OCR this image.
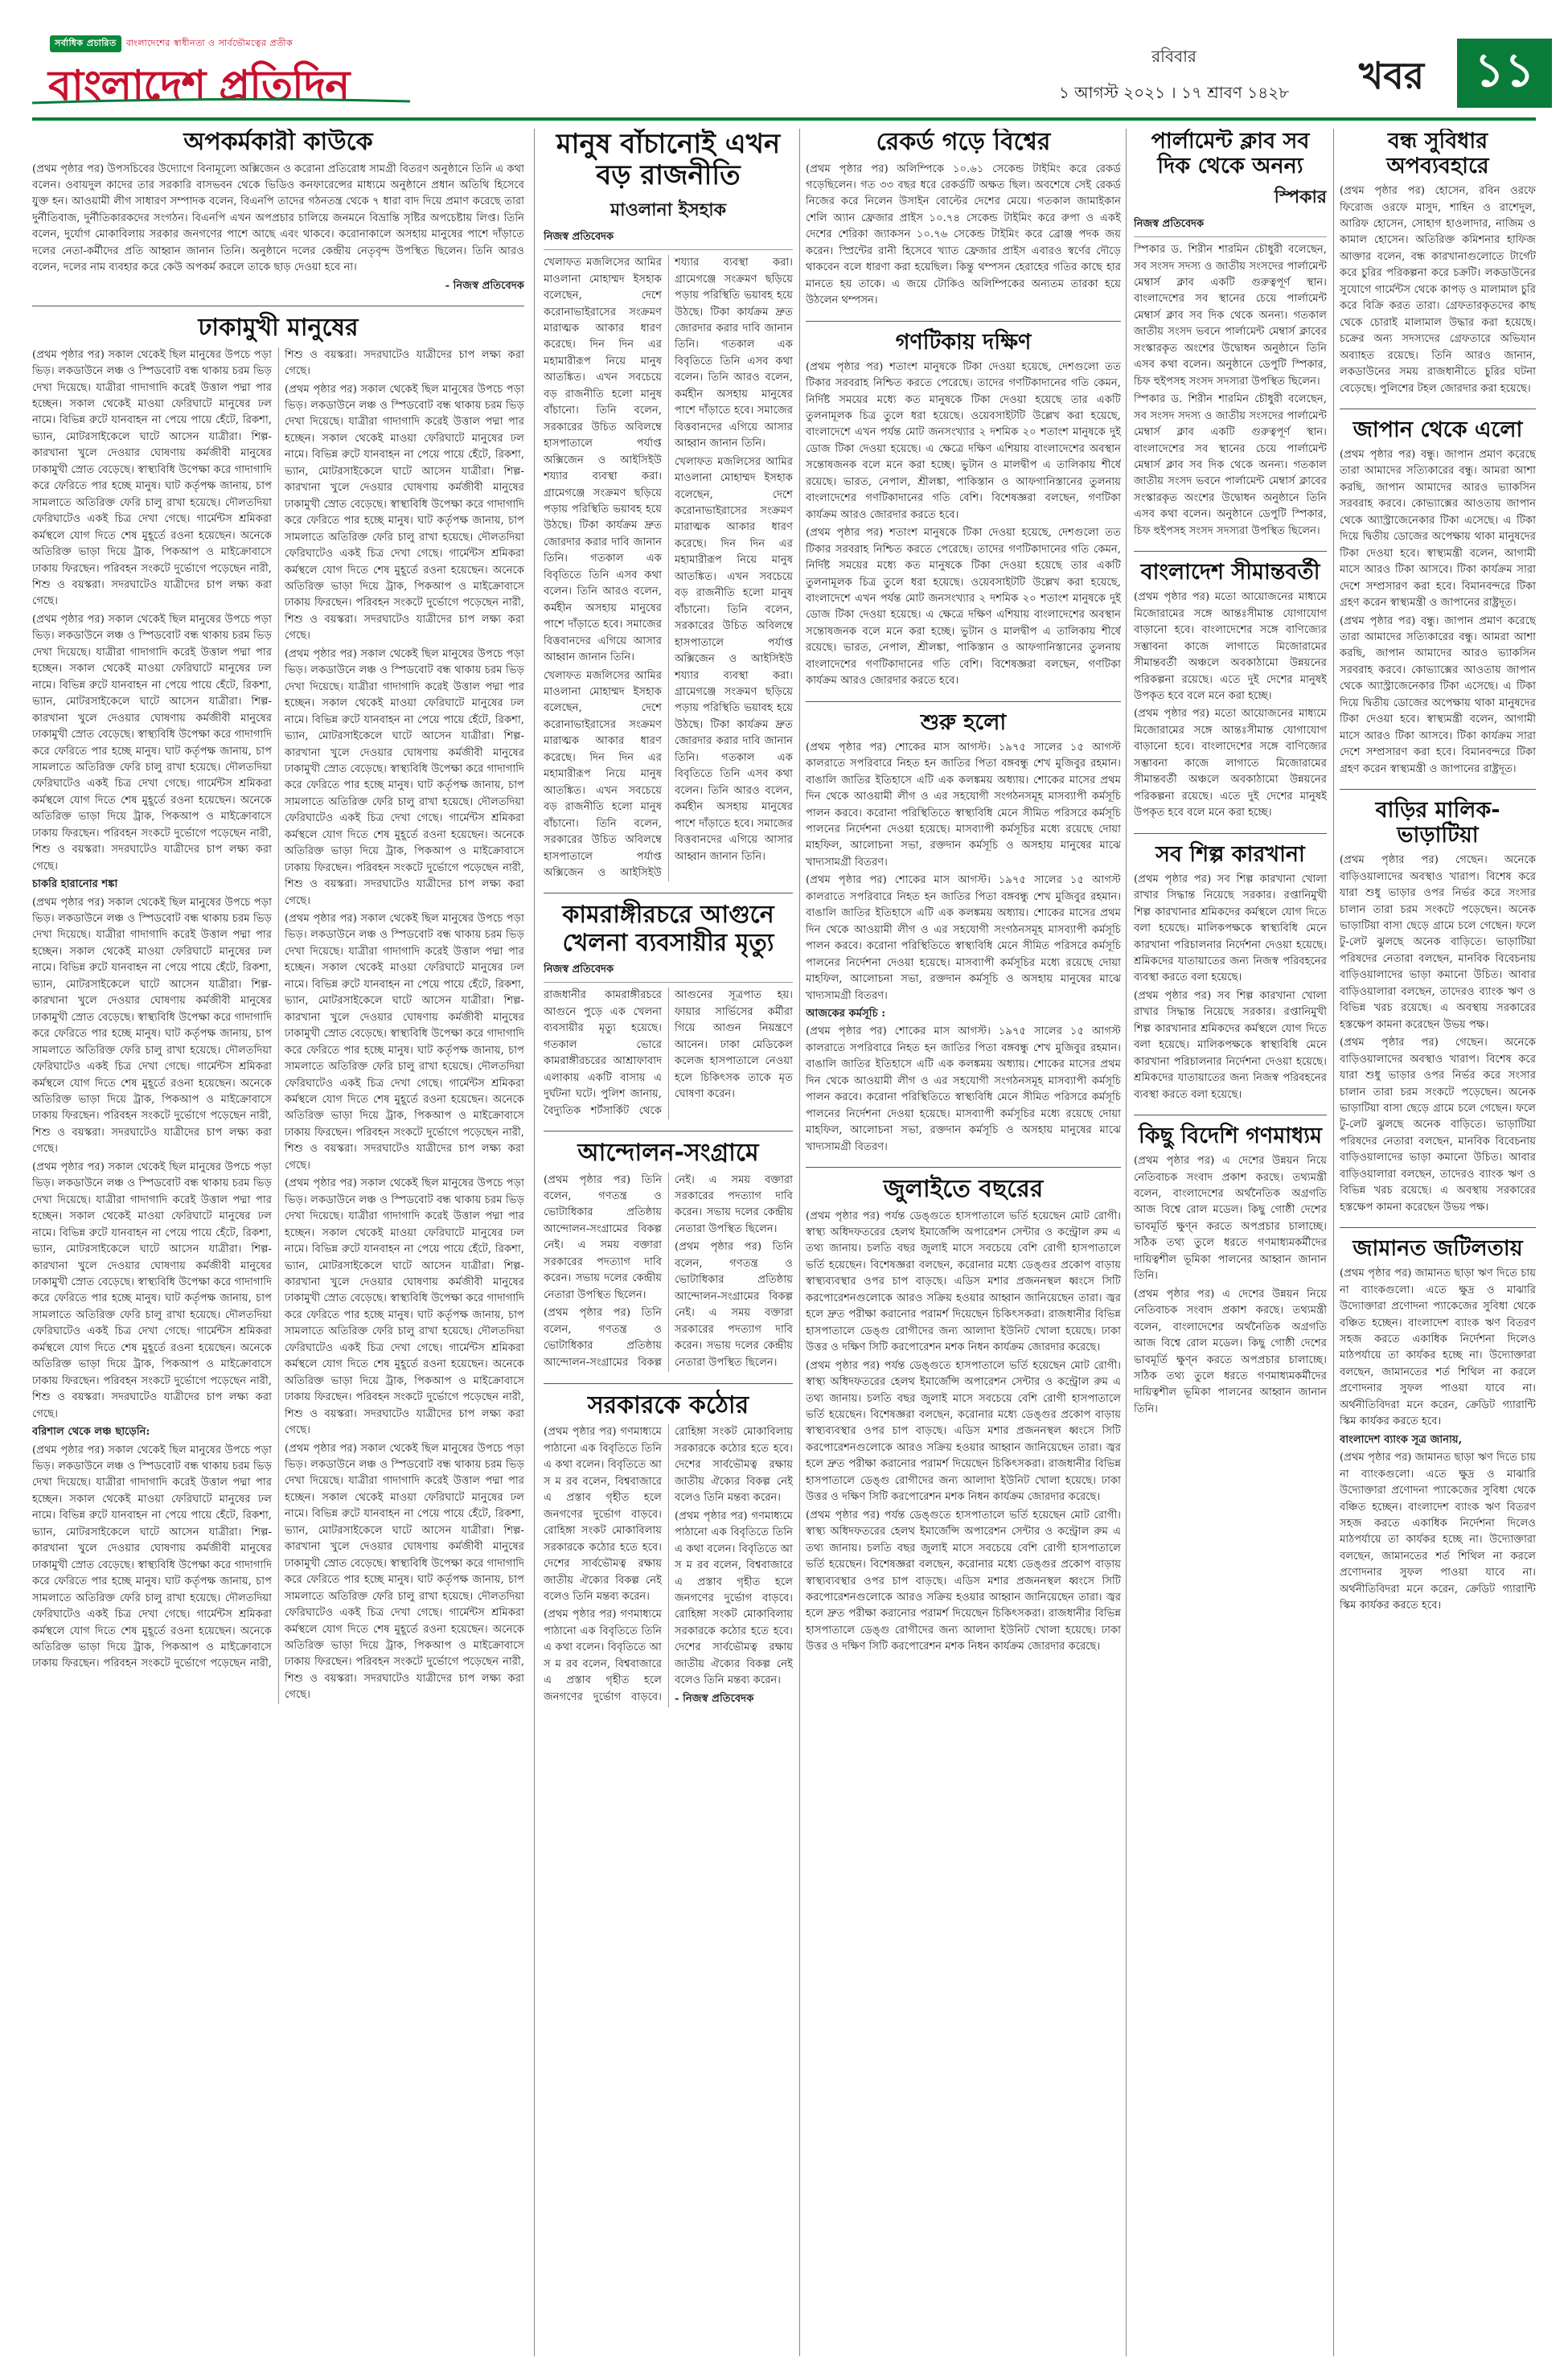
সর্বাধিক প্রচারিত বাংলাদেশের স্বাধীনতা ও সার্বভৌমত্বের প্রতীক
বাংলাদেশ প্রতিদিন
রবিবার
১ আগস্ট ২০২১ । ১৭ শ্রাবণ ১৪২৮	খবর	১১
অপকর্মকারী কাউকে

(প্রথম পৃষ্ঠার পর) উপসচিবের উদ্যোগে বিনামূল্যে অক্সিজেন ও করোনা প্রতিরোধ সামগ্রী বিতরণ অনুষ্ঠানে তিনি এ কথা বলেন। ওবায়দুল কাদের তার সরকারি বাসভবন থেকে ভিডিও কনফারেন্সের মাধ্যমে অনুষ্ঠানে প্রধান অতিথি হিসেবে যুক্ত হন। আওয়ামী লীগ সাধারণ সম্পাদক বলেন, বিএনপি তাদের গঠনতন্ত্র থেকে ৭ ধারা বাদ দিয়ে প্রমাণ করেছে তারা দুর্নীতিবাজ, দুর্নীতিকারকদের সংগঠন। বিএনপি এখন অপপ্রচার চালিয়ে জনমনে বিভ্রান্তি সৃষ্টির অপচেষ্টায় লিপ্ত। তিনি বলেন, দুর্যোগ মোকাবিলায় সরকার জনগণের পাশে আছে এবং থাকবে। করোনাকালে অসহায় মানুষের পাশে দাঁড়াতে দলের নেতা-কর্মীদের প্রতি আহ্বান জানান তিনি। অনুষ্ঠানে দলের কেন্দ্রীয় নেতৃবৃন্দ উপস্থিত ছিলেন। তিনি আরও বলেন, দলের নাম ব্যবহার করে কেউ অপকর্ম করলে তাকে ছাড় দেওয়া হবে না।

- নিজস্ব প্রতিবেদক

ঢাকামুখী মানুষের

(প্রথম পৃষ্ঠার পর) সকাল থেকেই ছিল মানুষের উপচে পড়া ভিড়। লকডাউনে লঞ্চ ও স্পিডবোট বন্ধ থাকায় চরম ভিড় দেখা দিয়েছে। যাত্রীরা গাদাগাদি করেই উত্তাল পদ্মা পার হচ্ছেন। সকাল থেকেই মাওয়া ফেরিঘাটে মানুষের ঢল নামে। বিভিন্ন রুটে যানবাহন না পেয়ে পায়ে হেঁটে, রিকশা, ভ্যান, মোটরসাইকেলে ঘাটে আসেন যাত্রীরা। শিল্প-কারখানা খুলে দেওয়ার ঘোষণায় কর্মজীবী মানুষের ঢাকামুখী স্রোত বেড়েছে। স্বাস্থ্যবিধি উপেক্ষা করে গাদাগাদি করে ফেরিতে পার হচ্ছে মানুষ। ঘাট কর্তৃপক্ষ জানায়, চাপ সামলাতে অতিরিক্ত ফেরি চালু রাখা হয়েছে। দৌলতদিয়া ফেরিঘাটেও একই চিত্র দেখা গেছে। গার্মেন্টস শ্রমিকরা কর্মস্থলে যোগ দিতে শেষ মুহূর্তে রওনা হয়েছেন। অনেকে অতিরিক্ত ভাড়া দিয়ে ট্রাক, পিকআপ ও মাইক্রোবাসে ঢাকায় ফিরছেন। পরিবহন সংকটে দুর্ভোগে পড়েছেন নারী, শিশু ও বয়স্করা। সদরঘাটেও যাত্রীদের চাপ লক্ষ্য করা গেছে।

(প্রথম পৃষ্ঠার পর) সকাল থেকেই ছিল মানুষের উপচে পড়া ভিড়। লকডাউনে লঞ্চ ও স্পিডবোট বন্ধ থাকায় চরম ভিড় দেখা দিয়েছে। যাত্রীরা গাদাগাদি করেই উত্তাল পদ্মা পার হচ্ছেন। সকাল থেকেই মাওয়া ফেরিঘাটে মানুষের ঢল নামে। বিভিন্ন রুটে যানবাহন না পেয়ে পায়ে হেঁটে, রিকশা, ভ্যান, মোটরসাইকেলে ঘাটে আসেন যাত্রীরা। শিল্প-কারখানা খুলে দেওয়ার ঘোষণায় কর্মজীবী মানুষের ঢাকামুখী স্রোত বেড়েছে। স্বাস্থ্যবিধি উপেক্ষা করে গাদাগাদি করে ফেরিতে পার হচ্ছে মানুষ। ঘাট কর্তৃপক্ষ জানায়, চাপ সামলাতে অতিরিক্ত ফেরি চালু রাখা হয়েছে। দৌলতদিয়া ফেরিঘাটেও একই চিত্র দেখা গেছে। গার্মেন্টস শ্রমিকরা কর্মস্থলে যোগ দিতে শেষ মুহূর্তে রওনা হয়েছেন। অনেকে অতিরিক্ত ভাড়া দিয়ে ট্রাক, পিকআপ ও মাইক্রোবাসে ঢাকায় ফিরছেন। পরিবহন সংকটে দুর্ভোগে পড়েছেন নারী, শিশু ও বয়স্করা। সদরঘাটেও যাত্রীদের চাপ লক্ষ্য করা গেছে।

চাকরি হারানোর শঙ্কা

(প্রথম পৃষ্ঠার পর) সকাল থেকেই ছিল মানুষের উপচে পড়া ভিড়। লকডাউনে লঞ্চ ও স্পিডবোট বন্ধ থাকায় চরম ভিড় দেখা দিয়েছে। যাত্রীরা গাদাগাদি করেই উত্তাল পদ্মা পার হচ্ছেন। সকাল থেকেই মাওয়া ফেরিঘাটে মানুষের ঢল নামে। বিভিন্ন রুটে যানবাহন না পেয়ে পায়ে হেঁটে, রিকশা, ভ্যান, মোটরসাইকেলে ঘাটে আসেন যাত্রীরা। শিল্প-কারখানা খুলে দেওয়ার ঘোষণায় কর্মজীবী মানুষের ঢাকামুখী স্রোত বেড়েছে। স্বাস্থ্যবিধি উপেক্ষা করে গাদাগাদি করে ফেরিতে পার হচ্ছে মানুষ। ঘাট কর্তৃপক্ষ জানায়, চাপ সামলাতে অতিরিক্ত ফেরি চালু রাখা হয়েছে। দৌলতদিয়া ফেরিঘাটেও একই চিত্র দেখা গেছে। গার্মেন্টস শ্রমিকরা কর্মস্থলে যোগ দিতে শেষ মুহূর্তে রওনা হয়েছেন। অনেকে অতিরিক্ত ভাড়া দিয়ে ট্রাক, পিকআপ ও মাইক্রোবাসে ঢাকায় ফিরছেন। পরিবহন সংকটে দুর্ভোগে পড়েছেন নারী, শিশু ও বয়স্করা। সদরঘাটেও যাত্রীদের চাপ লক্ষ্য করা গেছে।

(প্রথম পৃষ্ঠার পর) সকাল থেকেই ছিল মানুষের উপচে পড়া ভিড়। লকডাউনে লঞ্চ ও স্পিডবোট বন্ধ থাকায় চরম ভিড় দেখা দিয়েছে। যাত্রীরা গাদাগাদি করেই উত্তাল পদ্মা পার হচ্ছেন। সকাল থেকেই মাওয়া ফেরিঘাটে মানুষের ঢল নামে। বিভিন্ন রুটে যানবাহন না পেয়ে পায়ে হেঁটে, রিকশা, ভ্যান, মোটরসাইকেলে ঘাটে আসেন যাত্রীরা। শিল্প-কারখানা খুলে দেওয়ার ঘোষণায় কর্মজীবী মানুষের ঢাকামুখী স্রোত বেড়েছে। স্বাস্থ্যবিধি উপেক্ষা করে গাদাগাদি করে ফেরিতে পার হচ্ছে মানুষ। ঘাট কর্তৃপক্ষ জানায়, চাপ সামলাতে অতিরিক্ত ফেরি চালু রাখা হয়েছে। দৌলতদিয়া ফেরিঘাটেও একই চিত্র দেখা গেছে। গার্মেন্টস শ্রমিকরা কর্মস্থলে যোগ দিতে শেষ মুহূর্তে রওনা হয়েছেন। অনেকে অতিরিক্ত ভাড়া দিয়ে ট্রাক, পিকআপ ও মাইক্রোবাসে ঢাকায় ফিরছেন। পরিবহন সংকটে দুর্ভোগে পড়েছেন নারী, শিশু ও বয়স্করা। সদরঘাটেও যাত্রীদের চাপ লক্ষ্য করা গেছে।

বরিশাল থেকে লঞ্চ ছাড়েনি:

(প্রথম পৃষ্ঠার পর) সকাল থেকেই ছিল মানুষের উপচে পড়া ভিড়। লকডাউনে লঞ্চ ও স্পিডবোট বন্ধ থাকায় চরম ভিড় দেখা দিয়েছে। যাত্রীরা গাদাগাদি করেই উত্তাল পদ্মা পার হচ্ছেন। সকাল থেকেই মাওয়া ফেরিঘাটে মানুষের ঢল নামে। বিভিন্ন রুটে যানবাহন না পেয়ে পায়ে হেঁটে, রিকশা, ভ্যান, মোটরসাইকেলে ঘাটে আসেন যাত্রীরা। শিল্প-কারখানা খুলে দেওয়ার ঘোষণায় কর্মজীবী মানুষের ঢাকামুখী স্রোত বেড়েছে। স্বাস্থ্যবিধি উপেক্ষা করে গাদাগাদি করে ফেরিতে পার হচ্ছে মানুষ। ঘাট কর্তৃপক্ষ জানায়, চাপ সামলাতে অতিরিক্ত ফেরি চালু রাখা হয়েছে। দৌলতদিয়া ফেরিঘাটেও একই চিত্র দেখা গেছে। গার্মেন্টস শ্রমিকরা কর্মস্থলে যোগ দিতে শেষ মুহূর্তে রওনা হয়েছেন। অনেকে অতিরিক্ত ভাড়া দিয়ে ট্রাক, পিকআপ ও মাইক্রোবাসে ঢাকায় ফিরছেন। পরিবহন সংকটে দুর্ভোগে পড়েছেন নারী, শিশু ও বয়স্করা। সদরঘাটেও যাত্রীদের চাপ লক্ষ্য করা গেছে।

(প্রথম পৃষ্ঠার পর) সকাল থেকেই ছিল মানুষের উপচে পড়া ভিড়। লকডাউনে লঞ্চ ও স্পিডবোট বন্ধ থাকায় চরম ভিড় দেখা দিয়েছে। যাত্রীরা গাদাগাদি করেই উত্তাল পদ্মা পার হচ্ছেন। সকাল থেকেই মাওয়া ফেরিঘাটে মানুষের ঢল নামে। বিভিন্ন রুটে যানবাহন না পেয়ে পায়ে হেঁটে, রিকশা, ভ্যান, মোটরসাইকেলে ঘাটে আসেন যাত্রীরা। শিল্প-কারখানা খুলে দেওয়ার ঘোষণায় কর্মজীবী মানুষের ঢাকামুখী স্রোত বেড়েছে। স্বাস্থ্যবিধি উপেক্ষা করে গাদাগাদি করে ফেরিতে পার হচ্ছে মানুষ। ঘাট কর্তৃপক্ষ জানায়, চাপ সামলাতে অতিরিক্ত ফেরি চালু রাখা হয়েছে। দৌলতদিয়া ফেরিঘাটেও একই চিত্র দেখা গেছে। গার্মেন্টস শ্রমিকরা কর্মস্থলে যোগ দিতে শেষ মুহূর্তে রওনা হয়েছেন। অনেকে অতিরিক্ত ভাড়া দিয়ে ট্রাক, পিকআপ ও মাইক্রোবাসে ঢাকায় ফিরছেন। পরিবহন সংকটে দুর্ভোগে পড়েছেন নারী, শিশু ও বয়স্করা। সদরঘাটেও যাত্রীদের চাপ লক্ষ্য করা গেছে।

(প্রথম পৃষ্ঠার পর) সকাল থেকেই ছিল মানুষের উপচে পড়া ভিড়। লকডাউনে লঞ্চ ও স্পিডবোট বন্ধ থাকায় চরম ভিড় দেখা দিয়েছে। যাত্রীরা গাদাগাদি করেই উত্তাল পদ্মা পার হচ্ছেন। সকাল থেকেই মাওয়া ফেরিঘাটে মানুষের ঢল নামে। বিভিন্ন রুটে যানবাহন না পেয়ে পায়ে হেঁটে, রিকশা, ভ্যান, মোটরসাইকেলে ঘাটে আসেন যাত্রীরা। শিল্প-কারখানা খুলে দেওয়ার ঘোষণায় কর্মজীবী মানুষের ঢাকামুখী স্রোত বেড়েছে। স্বাস্থ্যবিধি উপেক্ষা করে গাদাগাদি করে ফেরিতে পার হচ্ছে মানুষ। ঘাট কর্তৃপক্ষ জানায়, চাপ সামলাতে অতিরিক্ত ফেরি চালু রাখা হয়েছে। দৌলতদিয়া ফেরিঘাটেও একই চিত্র দেখা গেছে। গার্মেন্টস শ্রমিকরা কর্মস্থলে যোগ দিতে শেষ মুহূর্তে রওনা হয়েছেন। অনেকে অতিরিক্ত ভাড়া দিয়ে ট্রাক, পিকআপ ও মাইক্রোবাসে ঢাকায় ফিরছেন। পরিবহন সংকটে দুর্ভোগে পড়েছেন নারী, শিশু ও বয়স্করা। সদরঘাটেও যাত্রীদের চাপ লক্ষ্য করা গেছে।

(প্রথম পৃষ্ঠার পর) সকাল থেকেই ছিল মানুষের উপচে পড়া ভিড়। লকডাউনে লঞ্চ ও স্পিডবোট বন্ধ থাকায় চরম ভিড় দেখা দিয়েছে। যাত্রীরা গাদাগাদি করেই উত্তাল পদ্মা পার হচ্ছেন। সকাল থেকেই মাওয়া ফেরিঘাটে মানুষের ঢল নামে। বিভিন্ন রুটে যানবাহন না পেয়ে পায়ে হেঁটে, রিকশা, ভ্যান, মোটরসাইকেলে ঘাটে আসেন যাত্রীরা। শিল্প-কারখানা খুলে দেওয়ার ঘোষণায় কর্মজীবী মানুষের ঢাকামুখী স্রোত বেড়েছে। স্বাস্থ্যবিধি উপেক্ষা করে গাদাগাদি করে ফেরিতে পার হচ্ছে মানুষ। ঘাট কর্তৃপক্ষ জানায়, চাপ সামলাতে অতিরিক্ত ফেরি চালু রাখা হয়েছে। দৌলতদিয়া ফেরিঘাটেও একই চিত্র দেখা গেছে। গার্মেন্টস শ্রমিকরা কর্মস্থলে যোগ দিতে শেষ মুহূর্তে রওনা হয়েছেন। অনেকে অতিরিক্ত ভাড়া দিয়ে ট্রাক, পিকআপ ও মাইক্রোবাসে ঢাকায় ফিরছেন। পরিবহন সংকটে দুর্ভোগে পড়েছেন নারী, শিশু ও বয়স্করা। সদরঘাটেও যাত্রীদের চাপ লক্ষ্য করা গেছে।

(প্রথম পৃষ্ঠার পর) সকাল থেকেই ছিল মানুষের উপচে পড়া ভিড়। লকডাউনে লঞ্চ ও স্পিডবোট বন্ধ থাকায় চরম ভিড় দেখা দিয়েছে। যাত্রীরা গাদাগাদি করেই উত্তাল পদ্মা পার হচ্ছেন। সকাল থেকেই মাওয়া ফেরিঘাটে মানুষের ঢল নামে। বিভিন্ন রুটে যানবাহন না পেয়ে পায়ে হেঁটে, রিকশা, ভ্যান, মোটরসাইকেলে ঘাটে আসেন যাত্রীরা। শিল্প-কারখানা খুলে দেওয়ার ঘোষণায় কর্মজীবী মানুষের ঢাকামুখী স্রোত বেড়েছে। স্বাস্থ্যবিধি উপেক্ষা করে গাদাগাদি করে ফেরিতে পার হচ্ছে মানুষ। ঘাট কর্তৃপক্ষ জানায়, চাপ সামলাতে অতিরিক্ত ফেরি চালু রাখা হয়েছে। দৌলতদিয়া ফেরিঘাটেও একই চিত্র দেখা গেছে। গার্মেন্টস শ্রমিকরা কর্মস্থলে যোগ দিতে শেষ মুহূর্তে রওনা হয়েছেন। অনেকে অতিরিক্ত ভাড়া দিয়ে ট্রাক, পিকআপ ও মাইক্রোবাসে ঢাকায় ফিরছেন। পরিবহন সংকটে দুর্ভোগে পড়েছেন নারী, শিশু ও বয়স্করা। সদরঘাটেও যাত্রীদের চাপ লক্ষ্য করা গেছে।

(প্রথম পৃষ্ঠার পর) সকাল থেকেই ছিল মানুষের উপচে পড়া ভিড়। লকডাউনে লঞ্চ ও স্পিডবোট বন্ধ থাকায় চরম ভিড় দেখা দিয়েছে। যাত্রীরা গাদাগাদি করেই উত্তাল পদ্মা পার হচ্ছেন। সকাল থেকেই মাওয়া ফেরিঘাটে মানুষের ঢল নামে। বিভিন্ন রুটে যানবাহন না পেয়ে পায়ে হেঁটে, রিকশা, ভ্যান, মোটরসাইকেলে ঘাটে আসেন যাত্রীরা। শিল্প-কারখানা খুলে দেওয়ার ঘোষণায় কর্মজীবী মানুষের ঢাকামুখী স্রোত বেড়েছে। স্বাস্থ্যবিধি উপেক্ষা করে গাদাগাদি করে ফেরিতে পার হচ্ছে মানুষ। ঘাট কর্তৃপক্ষ জানায়, চাপ সামলাতে অতিরিক্ত ফেরি চালু রাখা হয়েছে। দৌলতদিয়া ফেরিঘাটেও একই চিত্র দেখা গেছে। গার্মেন্টস শ্রমিকরা কর্মস্থলে যোগ দিতে শেষ মুহূর্তে রওনা হয়েছেন। অনেকে অতিরিক্ত ভাড়া দিয়ে ট্রাক, পিকআপ ও মাইক্রোবাসে ঢাকায় ফিরছেন। পরিবহন সংকটে দুর্ভোগে পড়েছেন নারী, শিশু ও বয়স্করা। সদরঘাটেও যাত্রীদের চাপ লক্ষ্য করা গেছে।

মানুষ বাঁচানোই এখন বড় রাজনীতি
মাওলানা ইসহাক
নিজস্ব প্রতিবেদক

খেলাফত মজলিসের আমির মাওলানা মোহাম্মদ ইসহাক বলেছেন, দেশে করোনাভাইরাসের সংক্রমণ মারাত্মক আকার ধারণ করেছে। দিন দিন এর মহামারীরূপ নিয়ে মানুষ আতঙ্কিত। এখন সবচেয়ে বড় রাজনীতি হলো মানুষ বাঁচানো। তিনি বলেন, সরকারের উচিত অবিলম্বে হাসপাতালে পর্যাপ্ত অক্সিজেন ও আইসিইউ শয্যার ব্যবস্থা করা। গ্রামেগঞ্জে সংক্রমণ ছড়িয়ে পড়ায় পরিস্থিতি ভয়াবহ হয়ে উঠছে। টিকা কার্যক্রম দ্রুত জোরদার করার দাবি জানান তিনি। গতকাল এক বিবৃতিতে তিনি এসব কথা বলেন। তিনি আরও বলেন, কর্মহীন অসহায় মানুষের পাশে দাঁড়াতে হবে। সমাজের বিত্তবানদের এগিয়ে আসার আহ্বান জানান তিনি।

খেলাফত মজলিসের আমির মাওলানা মোহাম্মদ ইসহাক বলেছেন, দেশে করোনাভাইরাসের সংক্রমণ মারাত্মক আকার ধারণ করেছে। দিন দিন এর মহামারীরূপ নিয়ে মানুষ আতঙ্কিত। এখন সবচেয়ে বড় রাজনীতি হলো মানুষ বাঁচানো। তিনি বলেন, সরকারের উচিত অবিলম্বে হাসপাতালে পর্যাপ্ত অক্সিজেন ও আইসিইউ শয্যার ব্যবস্থা করা। গ্রামেগঞ্জে সংক্রমণ ছড়িয়ে পড়ায় পরিস্থিতি ভয়াবহ হয়ে উঠছে। টিকা কার্যক্রম দ্রুত জোরদার করার দাবি জানান তিনি। গতকাল এক বিবৃতিতে তিনি এসব কথা বলেন। তিনি আরও বলেন, কর্মহীন অসহায় মানুষের পাশে দাঁড়াতে হবে। সমাজের বিত্তবানদের এগিয়ে আসার আহ্বান জানান তিনি।

খেলাফত মজলিসের আমির মাওলানা মোহাম্মদ ইসহাক বলেছেন, দেশে করোনাভাইরাসের সংক্রমণ মারাত্মক আকার ধারণ করেছে। দিন দিন এর মহামারীরূপ নিয়ে মানুষ আতঙ্কিত। এখন সবচেয়ে বড় রাজনীতি হলো মানুষ বাঁচানো। তিনি বলেন, সরকারের উচিত অবিলম্বে হাসপাতালে পর্যাপ্ত অক্সিজেন ও আইসিইউ শয্যার ব্যবস্থা করা। গ্রামেগঞ্জে সংক্রমণ ছড়িয়ে পড়ায় পরিস্থিতি ভয়াবহ হয়ে উঠছে। টিকা কার্যক্রম দ্রুত জোরদার করার দাবি জানান তিনি। গতকাল এক বিবৃতিতে তিনি এসব কথা বলেন। তিনি আরও বলেন, কর্মহীন অসহায় মানুষের পাশে দাঁড়াতে হবে। সমাজের বিত্তবানদের এগিয়ে আসার আহ্বান জানান তিনি।

কামরাঙ্গীরচরে আগুনে খেলনা ব্যবসায়ীর মৃত্যু
নিজস্ব প্রতিবেদক

রাজধানীর কামরাঙ্গীরচরে আগুনে পুড়ে এক খেলনা ব্যবসায়ীর মৃত্যু হয়েছে। গতকাল ভোরে কামরাঙ্গীরচরের আশ্রাফাবাদ এলাকায় একটি বাসায় এ দুর্ঘটনা ঘটে। পুলিশ জানায়, বৈদ্যুতিক শর্টসার্কিট থেকে আগুনের সূত্রপাত হয়। ফায়ার সার্ভিসের কর্মীরা গিয়ে আগুন নিয়ন্ত্রণে আনেন। ঢাকা মেডিকেল কলেজ হাসপাতালে নেওয়া হলে চিকিৎসক তাকে মৃত ঘোষণা করেন।

আন্দোলন-সংগ্রামে

(প্রথম পৃষ্ঠার পর) তিনি বলেন, গণতন্ত্র ও ভোটাধিকার প্রতিষ্ঠায় আন্দোলন-সংগ্রামের বিকল্প নেই। এ সময় বক্তারা সরকারের পদত্যাগ দাবি করেন। সভায় দলের কেন্দ্রীয় নেতারা উপস্থিত ছিলেন।

(প্রথম পৃষ্ঠার পর) তিনি বলেন, গণতন্ত্র ও ভোটাধিকার প্রতিষ্ঠায় আন্দোলন-সংগ্রামের বিকল্প নেই। এ সময় বক্তারা সরকারের পদত্যাগ দাবি করেন। সভায় দলের কেন্দ্রীয় নেতারা উপস্থিত ছিলেন।

(প্রথম পৃষ্ঠার পর) তিনি বলেন, গণতন্ত্র ও ভোটাধিকার প্রতিষ্ঠায় আন্দোলন-সংগ্রামের বিকল্প নেই। এ সময় বক্তারা সরকারের পদত্যাগ দাবি করেন। সভায় দলের কেন্দ্রীয় নেতারা উপস্থিত ছিলেন।

সরকারকে কঠোর

(প্রথম পৃষ্ঠার পর) গণমাধ্যমে পাঠানো এক বিবৃতিতে তিনি এ কথা বলেন। বিবৃতিতে আ স ম রব বলেন, বিশ্ববাজারে এ প্রস্তাব গৃহীত হলে জনগণের দুর্ভোগ বাড়বে। রোহিঙ্গা সংকট মোকাবিলায় সরকারকে কঠোর হতে হবে। দেশের সার্বভৌমত্ব রক্ষায় জাতীয় ঐক্যের বিকল্প নেই বলেও তিনি মন্তব্য করেন।

(প্রথম পৃষ্ঠার পর) গণমাধ্যমে পাঠানো এক বিবৃতিতে তিনি এ কথা বলেন। বিবৃতিতে আ স ম রব বলেন, বিশ্ববাজারে এ প্রস্তাব গৃহীত হলে জনগণের দুর্ভোগ বাড়বে। রোহিঙ্গা সংকট মোকাবিলায় সরকারকে কঠোর হতে হবে। দেশের সার্বভৌমত্ব রক্ষায় জাতীয় ঐক্যের বিকল্প নেই বলেও তিনি মন্তব্য করেন।

(প্রথম পৃষ্ঠার পর) গণমাধ্যমে পাঠানো এক বিবৃতিতে তিনি এ কথা বলেন। বিবৃতিতে আ স ম রব বলেন, বিশ্ববাজারে এ প্রস্তাব গৃহীত হলে জনগণের দুর্ভোগ বাড়বে। রোহিঙ্গা সংকট মোকাবিলায় সরকারকে কঠোর হতে হবে। দেশের সার্বভৌমত্ব রক্ষায় জাতীয় ঐক্যের বিকল্প নেই বলেও তিনি মন্তব্য করেন।

- নিজস্ব প্রতিবেদক

রেকর্ড গড়ে বিশ্বের

(প্রথম পৃষ্ঠার পর) অলিম্পিকে ১০.৬১ সেকেন্ড টাইমিং করে রেকর্ড গড়েছিলেন। গত ৩৩ বছর ধরে রেকর্ডটি অক্ষত ছিল। অবশেষে সেই রেকর্ড নিজের করে নিলেন উসাইন বোল্টের দেশের মেয়ে। গতকাল জামাইকান শেলি অ্যান ফ্রেজার প্রাইস ১০.৭৪ সেকেন্ড টাইমিং করে রুপা ও একই দেশের শেরিকা জ্যাকসন ১০.৭৬ সেকেন্ড টাইমিং করে ব্রোঞ্জ পদক জয় করেন। স্প্রিন্টের রানী হিসেবে খ্যাত ফ্রেজার প্রাইস এবারও স্বর্ণের দৌড়ে থাকবেন বলে ধারণা করা হয়েছিল। কিন্তু থম্পসন হেরাহের গতির কাছে হার মানতে হয় তাকে। এ জয়ে টোকিও অলিম্পিকের অন্যতম তারকা হয়ে উঠলেন থম্পসন।

গণটিকায় দক্ষিণ

(প্রথম পৃষ্ঠার পর) শতাংশ মানুষকে টিকা দেওয়া হয়েছে, দেশগুলো তত টিকার সরবরাহ নিশ্চিত করতে পেরেছে। তাদের গণটিকাদানের গতি কেমন, নির্দিষ্ট সময়ের মধ্যে কত মানুষকে টিকা দেওয়া হয়েছে তার একটি তুলনামূলক চিত্র তুলে ধরা হয়েছে। ওয়েবসাইটটি উল্লেখ করা হয়েছে, বাংলাদেশে এখন পর্যন্ত মোট জনসংখ্যার ২ দশমিক ২০ শতাংশ মানুষকে দুই ডোজ টিকা দেওয়া হয়েছে। এ ক্ষেত্রে দক্ষিণ এশিয়ায় বাংলাদেশের অবস্থান সন্তোষজনক বলে মনে করা হচ্ছে। ভুটান ও মালদ্বীপ এ তালিকায় শীর্ষে রয়েছে। ভারত, নেপাল, শ্রীলঙ্কা, পাকিস্তান ও আফগানিস্তানের তুলনায় বাংলাদেশের গণটিকাদানের গতি বেশি। বিশেষজ্ঞরা বলছেন, গণটিকা কার্যক্রম আরও জোরদার করতে হবে।

(প্রথম পৃষ্ঠার পর) শতাংশ মানুষকে টিকা দেওয়া হয়েছে, দেশগুলো তত টিকার সরবরাহ নিশ্চিত করতে পেরেছে। তাদের গণটিকাদানের গতি কেমন, নির্দিষ্ট সময়ের মধ্যে কত মানুষকে টিকা দেওয়া হয়েছে তার একটি তুলনামূলক চিত্র তুলে ধরা হয়েছে। ওয়েবসাইটটি উল্লেখ করা হয়েছে, বাংলাদেশে এখন পর্যন্ত মোট জনসংখ্যার ২ দশমিক ২০ শতাংশ মানুষকে দুই ডোজ টিকা দেওয়া হয়েছে। এ ক্ষেত্রে দক্ষিণ এশিয়ায় বাংলাদেশের অবস্থান সন্তোষজনক বলে মনে করা হচ্ছে। ভুটান ও মালদ্বীপ এ তালিকায় শীর্ষে রয়েছে। ভারত, নেপাল, শ্রীলঙ্কা, পাকিস্তান ও আফগানিস্তানের তুলনায় বাংলাদেশের গণটিকাদানের গতি বেশি। বিশেষজ্ঞরা বলছেন, গণটিকা কার্যক্রম আরও জোরদার করতে হবে।

শুরু হলো

(প্রথম পৃষ্ঠার পর) শোকের মাস আগস্ট। ১৯৭৫ সালের ১৫ আগস্ট কালরাতে সপরিবারে নিহত হন জাতির পিতা বঙ্গবন্ধু শেখ মুজিবুর রহমান। বাঙালি জাতির ইতিহাসে এটি এক কলঙ্কময় অধ্যায়। শোকের মাসের প্রথম দিন থেকে আওয়ামী লীগ ও এর সহযোগী সংগঠনসমূহ মাসব্যাপী কর্মসূচি পালন করবে। করোনা পরিস্থিতিতে স্বাস্থ্যবিধি মেনে সীমিত পরিসরে কর্মসূচি পালনের নির্দেশনা দেওয়া হয়েছে। মাসব্যাপী কর্মসূচির মধ্যে রয়েছে দোয়া মাহফিল, আলোচনা সভা, রক্তদান কর্মসূচি ও অসহায় মানুষের মাঝে খাদ্যসামগ্রী বিতরণ।

(প্রথম পৃষ্ঠার পর) শোকের মাস আগস্ট। ১৯৭৫ সালের ১৫ আগস্ট কালরাতে সপরিবারে নিহত হন জাতির পিতা বঙ্গবন্ধু শেখ মুজিবুর রহমান। বাঙালি জাতির ইতিহাসে এটি এক কলঙ্কময় অধ্যায়। শোকের মাসের প্রথম দিন থেকে আওয়ামী লীগ ও এর সহযোগী সংগঠনসমূহ মাসব্যাপী কর্মসূচি পালন করবে। করোনা পরিস্থিতিতে স্বাস্থ্যবিধি মেনে সীমিত পরিসরে কর্মসূচি পালনের নির্দেশনা দেওয়া হয়েছে। মাসব্যাপী কর্মসূচির মধ্যে রয়েছে দোয়া মাহফিল, আলোচনা সভা, রক্তদান কর্মসূচি ও অসহায় মানুষের মাঝে খাদ্যসামগ্রী বিতরণ।

আজকের কর্মসূচি :

(প্রথম পৃষ্ঠার পর) শোকের মাস আগস্ট। ১৯৭৫ সালের ১৫ আগস্ট কালরাতে সপরিবারে নিহত হন জাতির পিতা বঙ্গবন্ধু শেখ মুজিবুর রহমান। বাঙালি জাতির ইতিহাসে এটি এক কলঙ্কময় অধ্যায়। শোকের মাসের প্রথম দিন থেকে আওয়ামী লীগ ও এর সহযোগী সংগঠনসমূহ মাসব্যাপী কর্মসূচি পালন করবে। করোনা পরিস্থিতিতে স্বাস্থ্যবিধি মেনে সীমিত পরিসরে কর্মসূচি পালনের নির্দেশনা দেওয়া হয়েছে। মাসব্যাপী কর্মসূচির মধ্যে রয়েছে দোয়া মাহফিল, আলোচনা সভা, রক্তদান কর্মসূচি ও অসহায় মানুষের মাঝে খাদ্যসামগ্রী বিতরণ।

জুলাইতে বছরের

(প্রথম পৃষ্ঠার পর) পর্যন্ত ডেঙ্গুতে হাসপাতালে ভর্তি হয়েছেন মোট রোগী। স্বাস্থ্য অধিদফতরের হেলথ ইমার্জেন্সি অপারেশন সেন্টার ও কন্ট্রোল রুম এ তথ্য জানায়। চলতি বছর জুলাই মাসে সবচেয়ে বেশি রোগী হাসপাতালে ভর্তি হয়েছেন। বিশেষজ্ঞরা বলছেন, করোনার মধ্যে ডেঙ্গুর প্রকোপ বাড়ায় স্বাস্থ্যব্যবস্থার ওপর চাপ বাড়ছে। এডিস মশার প্রজননস্থল ধ্বংসে সিটি করপোরেশনগুলোকে আরও সক্রিয় হওয়ার আহ্বান জানিয়েছেন তারা। জ্বর হলে দ্রুত পরীক্ষা করানোর পরামর্শ দিয়েছেন চিকিৎসকরা। রাজধানীর বিভিন্ন হাসপাতালে ডেঙ্গু রোগীদের জন্য আলাদা ইউনিট খোলা হয়েছে। ঢাকা উত্তর ও দক্ষিণ সিটি করপোরেশন মশক নিধন কার্যক্রম জোরদার করেছে।

(প্রথম পৃষ্ঠার পর) পর্যন্ত ডেঙ্গুতে হাসপাতালে ভর্তি হয়েছেন মোট রোগী। স্বাস্থ্য অধিদফতরের হেলথ ইমার্জেন্সি অপারেশন সেন্টার ও কন্ট্রোল রুম এ তথ্য জানায়। চলতি বছর জুলাই মাসে সবচেয়ে বেশি রোগী হাসপাতালে ভর্তি হয়েছেন। বিশেষজ্ঞরা বলছেন, করোনার মধ্যে ডেঙ্গুর প্রকোপ বাড়ায় স্বাস্থ্যব্যবস্থার ওপর চাপ বাড়ছে। এডিস মশার প্রজননস্থল ধ্বংসে সিটি করপোরেশনগুলোকে আরও সক্রিয় হওয়ার আহ্বান জানিয়েছেন তারা। জ্বর হলে দ্রুত পরীক্ষা করানোর পরামর্শ দিয়েছেন চিকিৎসকরা। রাজধানীর বিভিন্ন হাসপাতালে ডেঙ্গু রোগীদের জন্য আলাদা ইউনিট খোলা হয়েছে। ঢাকা উত্তর ও দক্ষিণ সিটি করপোরেশন মশক নিধন কার্যক্রম জোরদার করেছে।

(প্রথম পৃষ্ঠার পর) পর্যন্ত ডেঙ্গুতে হাসপাতালে ভর্তি হয়েছেন মোট রোগী। স্বাস্থ্য অধিদফতরের হেলথ ইমার্জেন্সি অপারেশন সেন্টার ও কন্ট্রোল রুম এ তথ্য জানায়। চলতি বছর জুলাই মাসে সবচেয়ে বেশি রোগী হাসপাতালে ভর্তি হয়েছেন। বিশেষজ্ঞরা বলছেন, করোনার মধ্যে ডেঙ্গুর প্রকোপ বাড়ায় স্বাস্থ্যব্যবস্থার ওপর চাপ বাড়ছে। এডিস মশার প্রজননস্থল ধ্বংসে সিটি করপোরেশনগুলোকে আরও সক্রিয় হওয়ার আহ্বান জানিয়েছেন তারা। জ্বর হলে দ্রুত পরীক্ষা করানোর পরামর্শ দিয়েছেন চিকিৎসকরা। রাজধানীর বিভিন্ন হাসপাতালে ডেঙ্গু রোগীদের জন্য আলাদা ইউনিট খোলা হয়েছে। ঢাকা উত্তর ও দক্ষিণ সিটি করপোরেশন মশক নিধন কার্যক্রম জোরদার করেছে।

পার্লামেন্ট ক্লাব সব দিক থেকে অনন্য
স্পিকার
নিজস্ব প্রতিবেদক

স্পিকার ড. শিরীন শারমিন চৌধুরী বলেছেন, সব সংসদ সদস্য ও জাতীয় সংসদের পার্লামেন্ট মেম্বার্স ক্লাব একটি গুরুত্বপূর্ণ স্থান। বাংলাদেশের সব স্থানের চেয়ে পার্লামেন্ট মেম্বার্স ক্লাব সব দিক থেকে অনন্য। গতকাল জাতীয় সংসদ ভবনে পার্লামেন্ট মেম্বার্স ক্লাবের সংস্কারকৃত অংশের উদ্বোধন অনুষ্ঠানে তিনি এসব কথা বলেন। অনুষ্ঠানে ডেপুটি স্পিকার, চিফ হুইপসহ সংসদ সদস্যরা উপস্থিত ছিলেন।

স্পিকার ড. শিরীন শারমিন চৌধুরী বলেছেন, সব সংসদ সদস্য ও জাতীয় সংসদের পার্লামেন্ট মেম্বার্স ক্লাব একটি গুরুত্বপূর্ণ স্থান। বাংলাদেশের সব স্থানের চেয়ে পার্লামেন্ট মেম্বার্স ক্লাব সব দিক থেকে অনন্য। গতকাল জাতীয় সংসদ ভবনে পার্লামেন্ট মেম্বার্স ক্লাবের সংস্কারকৃত অংশের উদ্বোধন অনুষ্ঠানে তিনি এসব কথা বলেন। অনুষ্ঠানে ডেপুটি স্পিকার, চিফ হুইপসহ সংসদ সদস্যরা উপস্থিত ছিলেন।

বাংলাদেশ সীমান্তবর্তী

(প্রথম পৃষ্ঠার পর) মতো আয়োজনের মাধ্যমে মিজোরামের সঙ্গে আন্তঃসীমান্ত যোগাযোগ বাড়ানো হবে। বাংলাদেশের সঙ্গে বাণিজ্যের সম্ভাবনা কাজে লাগাতে মিজোরামের সীমান্তবর্তী অঞ্চলে অবকাঠামো উন্নয়নের পরিকল্পনা রয়েছে। এতে দুই দেশের মানুষই উপকৃত হবে বলে মনে করা হচ্ছে।

(প্রথম পৃষ্ঠার পর) মতো আয়োজনের মাধ্যমে মিজোরামের সঙ্গে আন্তঃসীমান্ত যোগাযোগ বাড়ানো হবে। বাংলাদেশের সঙ্গে বাণিজ্যের সম্ভাবনা কাজে লাগাতে মিজোরামের সীমান্তবর্তী অঞ্চলে অবকাঠামো উন্নয়নের পরিকল্পনা রয়েছে। এতে দুই দেশের মানুষই উপকৃত হবে বলে মনে করা হচ্ছে।

সব শিল্প কারখানা

(প্রথম পৃষ্ঠার পর) সব শিল্প কারখানা খোলা রাখার সিদ্ধান্ত নিয়েছে সরকার। রপ্তানিমুখী শিল্প কারখানার শ্রমিকদের কর্মস্থলে যোগ দিতে বলা হয়েছে। মালিকপক্ষকে স্বাস্থ্যবিধি মেনে কারখানা পরিচালনার নির্দেশনা দেওয়া হয়েছে। শ্রমিকদের যাতায়াতের জন্য নিজস্ব পরিবহনের ব্যবস্থা করতে বলা হয়েছে।

(প্রথম পৃষ্ঠার পর) সব শিল্প কারখানা খোলা রাখার সিদ্ধান্ত নিয়েছে সরকার। রপ্তানিমুখী শিল্প কারখানার শ্রমিকদের কর্মস্থলে যোগ দিতে বলা হয়েছে। মালিকপক্ষকে স্বাস্থ্যবিধি মেনে কারখানা পরিচালনার নির্দেশনা দেওয়া হয়েছে। শ্রমিকদের যাতায়াতের জন্য নিজস্ব পরিবহনের ব্যবস্থা করতে বলা হয়েছে।

কিছু বিদেশি গণমাধ্যম

(প্রথম পৃষ্ঠার পর) এ দেশের উন্নয়ন নিয়ে নেতিবাচক সংবাদ প্রকাশ করছে। তথ্যমন্ত্রী বলেন, বাংলাদেশের অর্থনৈতিক অগ্রগতি আজ বিশ্বে রোল মডেল। কিছু গোষ্ঠী দেশের ভাবমূর্তি ক্ষুণ্ন করতে অপপ্রচার চালাচ্ছে। সঠিক তথ্য তুলে ধরতে গণমাধ্যমকর্মীদের দায়িত্বশীল ভূমিকা পালনের আহ্বান জানান তিনি।

(প্রথম পৃষ্ঠার পর) এ দেশের উন্নয়ন নিয়ে নেতিবাচক সংবাদ প্রকাশ করছে। তথ্যমন্ত্রী বলেন, বাংলাদেশের অর্থনৈতিক অগ্রগতি আজ বিশ্বে রোল মডেল। কিছু গোষ্ঠী দেশের ভাবমূর্তি ক্ষুণ্ন করতে অপপ্রচার চালাচ্ছে। সঠিক তথ্য তুলে ধরতে গণমাধ্যমকর্মীদের দায়িত্বশীল ভূমিকা পালনের আহ্বান জানান তিনি।

বন্ধ সুবিধার অপব্যবহারে

(প্রথম পৃষ্ঠার পর) হোসেন, রবিন ওরফে ফিরোজ ওরফে মাসুদ, শাহিন ও রাশেদুল, আরিফ হোসেন, সোহাগ হাওলাদার, নাজিম ও কামাল হোসেন। অতিরিক্ত কমিশনার হাফিজ আক্তার বলেন, বন্ধ কারখানাগুলোতে টার্গেট করে চুরির পরিকল্পনা করে চক্রটি। লকডাউনের সুযোগে গার্মেন্টস থেকে কাপড় ও মালামাল চুরি করে বিক্রি করত তারা। গ্রেফতারকৃতদের কাছ থেকে চোরাই মালামাল উদ্ধার করা হয়েছে। চক্রের অন্য সদস্যদের গ্রেফতারে অভিযান অব্যাহত রয়েছে। তিনি আরও জানান, লকডাউনের সময় রাজধানীতে চুরির ঘটনা বেড়েছে। পুলিশের টহল জোরদার করা হয়েছে।

জাপান থেকে এলো

(প্রথম পৃষ্ঠার পর) বন্ধু। জাপান প্রমাণ করেছে তারা আমাদের সত্যিকারের বন্ধু। আমরা আশা করছি, জাপান আমাদের আরও ভ্যাকসিন সরবরাহ করবে। কোভ্যাক্সের আওতায় জাপান থেকে অ্যাস্ট্রাজেনেকার টিকা এসেছে। এ টিকা দিয়ে দ্বিতীয় ডোজের অপেক্ষায় থাকা মানুষদের টিকা দেওয়া হবে। স্বাস্থ্যমন্ত্রী বলেন, আগামী মাসে আরও টিকা আসবে। টিকা কার্যক্রম সারা দেশে সম্প্রসারণ করা হবে। বিমানবন্দরে টিকা গ্রহণ করেন স্বাস্থ্যমন্ত্রী ও জাপানের রাষ্ট্রদূত।

(প্রথম পৃষ্ঠার পর) বন্ধু। জাপান প্রমাণ করেছে তারা আমাদের সত্যিকারের বন্ধু। আমরা আশা করছি, জাপান আমাদের আরও ভ্যাকসিন সরবরাহ করবে। কোভ্যাক্সের আওতায় জাপান থেকে অ্যাস্ট্রাজেনেকার টিকা এসেছে। এ টিকা দিয়ে দ্বিতীয় ডোজের অপেক্ষায় থাকা মানুষদের টিকা দেওয়া হবে। স্বাস্থ্যমন্ত্রী বলেন, আগামী মাসে আরও টিকা আসবে। টিকা কার্যক্রম সারা দেশে সম্প্রসারণ করা হবে। বিমানবন্দরে টিকা গ্রহণ করেন স্বাস্থ্যমন্ত্রী ও জাপানের রাষ্ট্রদূত।

বাড়ির মালিক-ভাড়াটিয়া

(প্রথম পৃষ্ঠার পর) গেছেন। অনেকে বাড়িওয়ালাদের অবস্থাও খারাপ। বিশেষ করে যারা শুধু ভাড়ার ওপর নির্ভর করে সংসার চালান তারা চরম সংকটে পড়েছেন। অনেক ভাড়াটিয়া বাসা ছেড়ে গ্রামে চলে গেছেন। ফলে টু-লেট ঝুলছে অনেক বাড়িতে। ভাড়াটিয়া পরিষদের নেতারা বলছেন, মানবিক বিবেচনায় বাড়িওয়ালাদের ভাড়া কমানো উচিত। আবার বাড়িওয়ালারা বলছেন, তাদেরও ব্যাংক ঋণ ও বিভিন্ন খরচ রয়েছে। এ অবস্থায় সরকারের হস্তক্ষেপ কামনা করেছেন উভয় পক্ষ।

(প্রথম পৃষ্ঠার পর) গেছেন। অনেকে বাড়িওয়ালাদের অবস্থাও খারাপ। বিশেষ করে যারা শুধু ভাড়ার ওপর নির্ভর করে সংসার চালান তারা চরম সংকটে পড়েছেন। অনেক ভাড়াটিয়া বাসা ছেড়ে গ্রামে চলে গেছেন। ফলে টু-লেট ঝুলছে অনেক বাড়িতে। ভাড়াটিয়া পরিষদের নেতারা বলছেন, মানবিক বিবেচনায় বাড়িওয়ালাদের ভাড়া কমানো উচিত। আবার বাড়িওয়ালারা বলছেন, তাদেরও ব্যাংক ঋণ ও বিভিন্ন খরচ রয়েছে। এ অবস্থায় সরকারের হস্তক্ষেপ কামনা করেছেন উভয় পক্ষ।

জামানত জটিলতায়

(প্রথম পৃষ্ঠার পর) জামানত ছাড়া ঋণ দিতে চায় না ব্যাংকগুলো। এতে ক্ষুদ্র ও মাঝারি উদ্যোক্তারা প্রণোদনা প্যাকেজের সুবিধা থেকে বঞ্চিত হচ্ছেন। বাংলাদেশ ব্যাংক ঋণ বিতরণ সহজ করতে একাধিক নির্দেশনা দিলেও মাঠপর্যায়ে তা কার্যকর হচ্ছে না। উদ্যোক্তারা বলছেন, জামানতের শর্ত শিথিল না করলে প্রণোদনার সুফল পাওয়া যাবে না। অর্থনীতিবিদরা মনে করেন, ক্রেডিট গ্যারান্টি স্কিম কার্যকর করতে হবে।

বাংলাদেশ ব্যাংক সূত্র জানায়,

(প্রথম পৃষ্ঠার পর) জামানত ছাড়া ঋণ দিতে চায় না ব্যাংকগুলো। এতে ক্ষুদ্র ও মাঝারি উদ্যোক্তারা প্রণোদনা প্যাকেজের সুবিধা থেকে বঞ্চিত হচ্ছেন। বাংলাদেশ ব্যাংক ঋণ বিতরণ সহজ করতে একাধিক নির্দেশনা দিলেও মাঠপর্যায়ে তা কার্যকর হচ্ছে না। উদ্যোক্তারা বলছেন, জামানতের শর্ত শিথিল না করলে প্রণোদনার সুফল পাওয়া যাবে না। অর্থনীতিবিদরা মনে করেন, ক্রেডিট গ্যারান্টি স্কিম কার্যকর করতে হবে।
